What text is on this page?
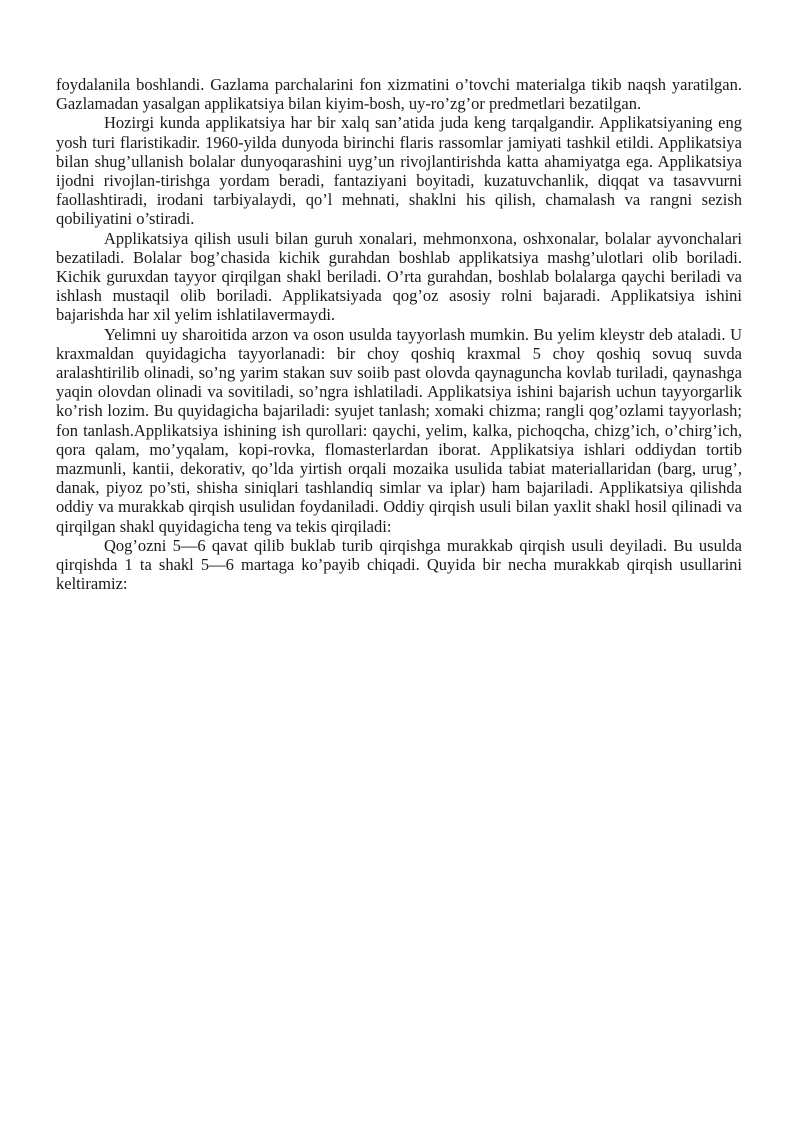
foydalanila boshlandi. Gazlama parchalarini fon xizmatini o’tovchi materialga tikib naqsh yaratilgan. Gazlamadan yasalgan applikatsiya bilan kiyim-bosh, uy-ro’zg’or predmetlari bezatilgan.

Hozirgi kunda applikatsiya har bir xalq san’atida juda keng tarqalgandir. Applikatsiyaning eng yosh turi flaristikadir. 1960-yilda dunyoda birinchi flaris rassomlar jamiyati tashkil etildi. Applikatsiya bilan shug’ullanish bolalar dunyoqarashini uyg’un rivojlantirishda katta ahamiyatga ega. Applikatsiya ijodni rivojlan-tirishga yordam beradi, fantaziyani boyitadi, kuzatuvchanlik, diqqat va tasavvurni faollashtiradi, irodani tarbiyalaydi, qo’l mehnati, shaklni his qilish, chamalash va rangni sezish qobiliyatini o’stiradi.

Applikatsiya qilish usuli bilan guruh xonalari, mehmonxona, oshxonalar, bolalar ayvonchalari bezatiladi. Bolalar bog’chasida kichik gurahdan boshlab applikatsiya mashg’ulotlari olib boriladi. Kichik guruxdan tayyor qirqilgan shakl beriladi. O’rta gurahdan, boshlab bolalarga qaychi beriladi va ishlash mustaqil olib boriladi. Applikatsiyada qog’oz asosiy rolni bajaradi. Applikatsiya ishini bajarishda har xil yelim ishlatilavermaydi.

Yelimni uy sharoitida arzon va oson usulda tayyorlash mumkin. Bu yelim kleystr deb ataladi. U kraxmaldan quyidagicha tayyorlanadi: bir choy qoshiq kraxmal 5 choy qoshiq sovuq suvda aralashtirilib olinadi, so’ng yarim stakan suv soiib past olovda qaynaguncha kovlab turiladi, qaynashga yaqin olovdan olinadi va sovitiladi, so’ngra ishlatiladi. Applikatsiya ishini bajarish uchun tayyorgarlik ko’rish lozim. Bu quyidagicha bajariladi: syujet tanlash; xomaki chizma; rangli qog’ozlami tayyorlash; fon tanlash.Applikatsiya ishining ish qurollari: qaychi, yelim, kalka, pichoqcha, chizg’ich, o’chirg’ich, qora qalam, mo’yqalam, kopi-rovka, flomasterlardan iborat. Applikatsiya ishlari oddiydan tortib mazmunli, kantii, dekorativ, qo’lda yirtish orqali mozaika usulida tabiat materiallaridan (barg, urug’, danak, piyoz po’sti, shisha siniqlari tashlandiq simlar va iplar) ham bajariladi. Applikatsiya qilishda oddiy va murakkab qirqish usulidan foydaniladi. Oddiy qirqish usuli bilan yaxlit shakl hosil qilinadi va qirqilgan shakl quyidagicha teng va tekis qirqiladi:

Qog’ozni 5—6 qavat qilib buklab turib qirqishga murakkab qirqish usuli deyiladi. Bu usulda qirqishda 1 ta shakl 5—6 martaga ko’payib chiqadi. Quyida bir necha murakkab qirqish usullarini keltiramiz:
